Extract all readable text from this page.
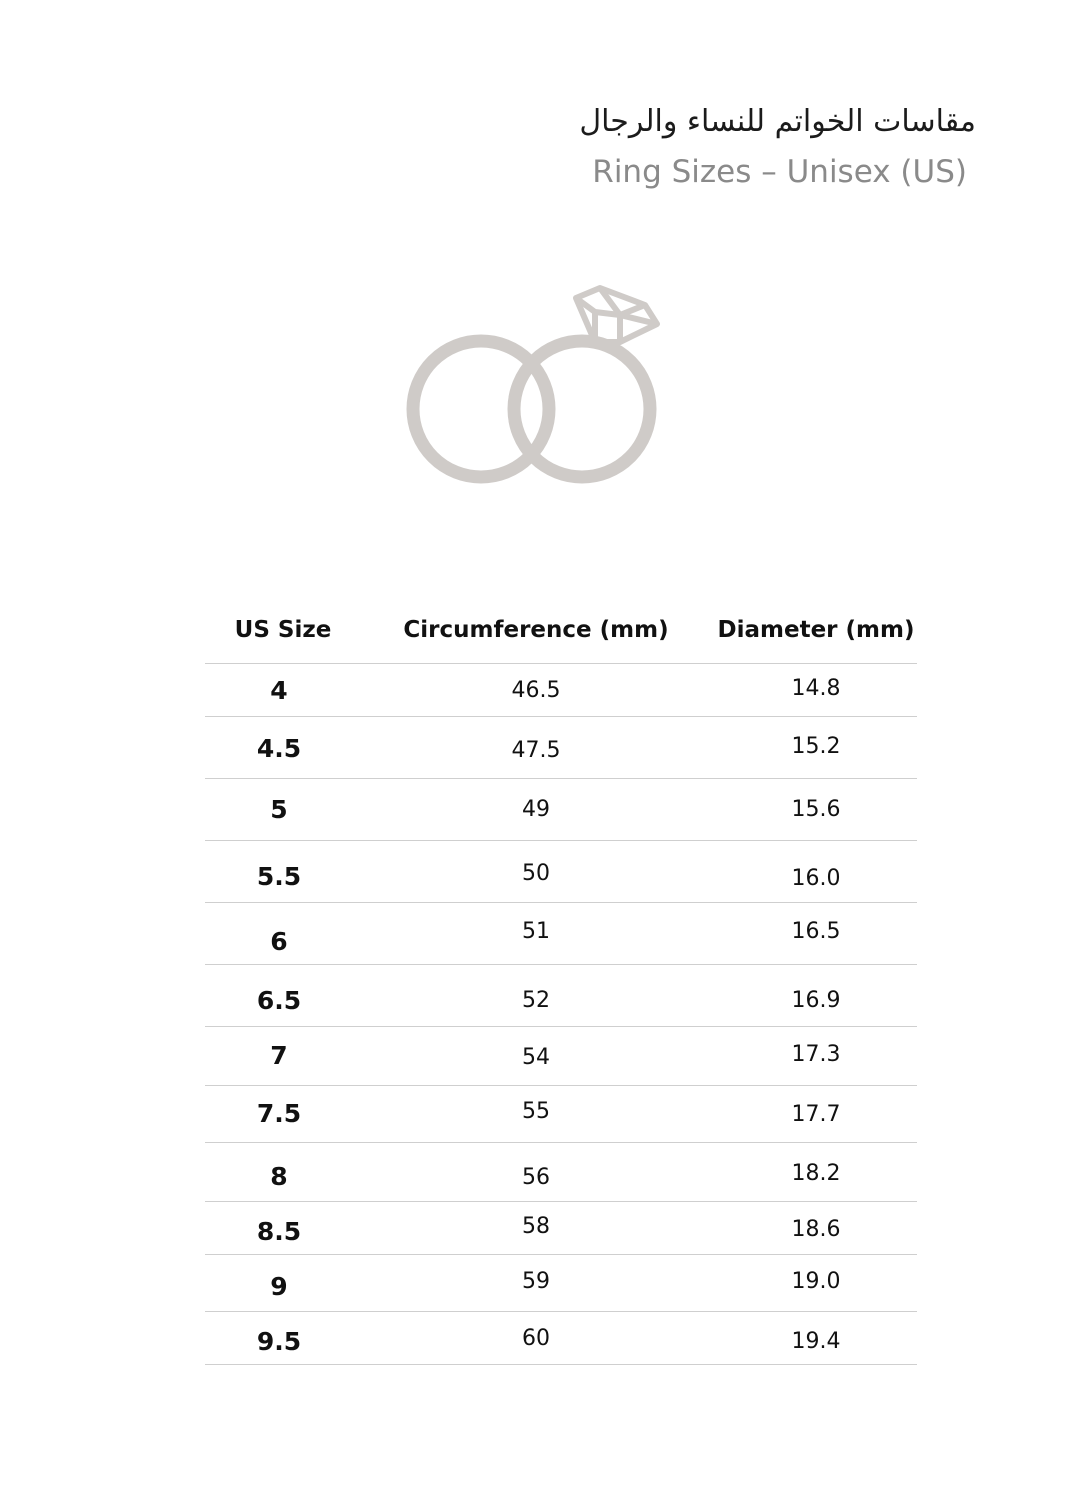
مقاسات الخواتم للنساء والرجال
Ring Sizes – Unisex (US)
US Size	Circumference (mm) Diameter (mm)
4	46.5	14.8
4.5	47.5	15.2
5	49	15.6
5.5	50	16.0
6	51	16.5
6.5	52	16.9
7	54	17.3
7.5	55	17.7
8	56	18.2
8.5	58	18.6
9	59	19.0
9.5	60	19.4
